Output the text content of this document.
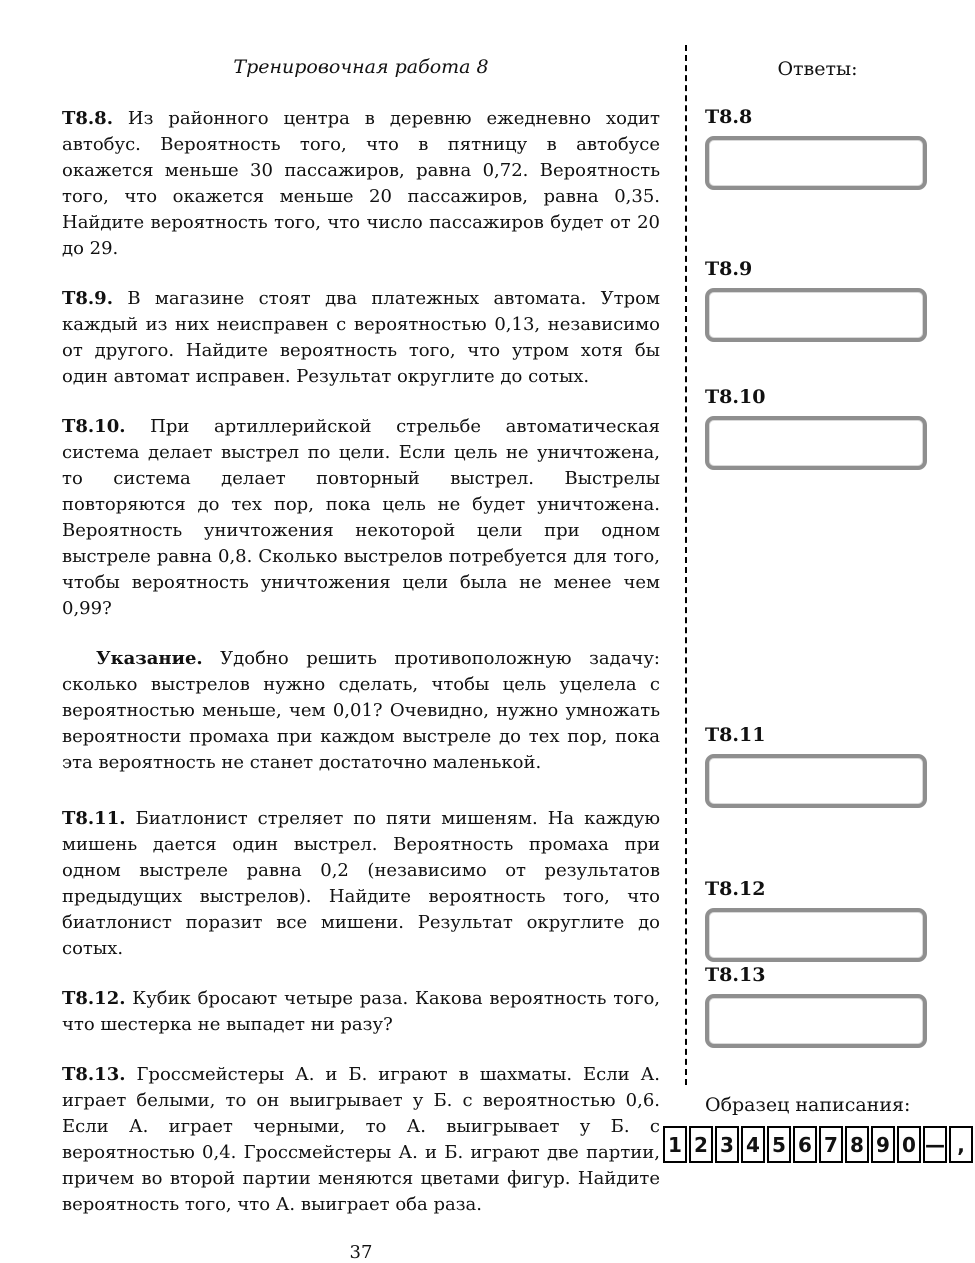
Тренировочная работа 8

Т8.8. Из районного центра в деревню ежедневно ходит автобус. Вероятность того, что в пятницу в автобусе окажется меньше 30 пассажиров, равна 0,72. Вероятность того, что окажется меньше 20 пассажиров, равна 0,35. Найдите вероятность того, что число пассажиров будет от 20 до 29.

Т8.9. В магазине стоят два платежных автомата. Утром каждый из них неисправен с вероятностью 0,13, независимо от другого. Найдите вероятность того, что утром хотя бы один автомат исправен. Результат округлите до сотых.

Т8.10. При артиллерийской стрельбе автоматическая система делает выстрел по цели. Если цель не уничтожена, то система делает повторный выстрел. Выстрелы повторяются до тех пор, пока цель не будет уничтожена. Вероятность уничтожения некоторой цели при одном выстреле равна 0,8. Сколько выстрелов потребуется для того, чтобы вероятность уничтожения цели была не менее чем 0,99?

Указание. Удобно решить противоположную задачу: сколько выстрелов нужно сделать, чтобы цель уцелела с вероятностью меньше, чем 0,01? Очевидно, нужно умножать вероятности промаха при каждом выстреле до тех пор, пока эта вероятность не станет достаточно маленькой.

Т8.11. Биатлонист стреляет по пяти мишеням. На каждую мишень дается один выстрел. Вероятность промаха при одном выстреле равна 0,2 (независимо от результатов предыдущих выстрелов). Найдите вероятность того, что биатлонист поразит все мишени. Результат округлите до сотых.

Т8.12. Кубик бросают четыре раза. Какова вероятность того, что шестерка не выпадет ни разу?

Т8.13. Гроссмейстеры А. и Б. играют в шахматы. Если А. играет белыми, то он выигрывает у Б. с вероятностью 0,6. Если А. играет черными, то А. выигрывает у Б. с вероятностью 0,4. Гроссмейстеры А. и Б. играют две партии, причем во второй партии меняются цветами фигур. Найдите вероятность того, что А. выиграет оба раза.

37
Ответы:
Т8.8
Т8.9
Т8.10
Т8.11
Т8.12
Т8.13
Образец написания:
1 2 3 4 5 6 7 8 9 0 — ,
